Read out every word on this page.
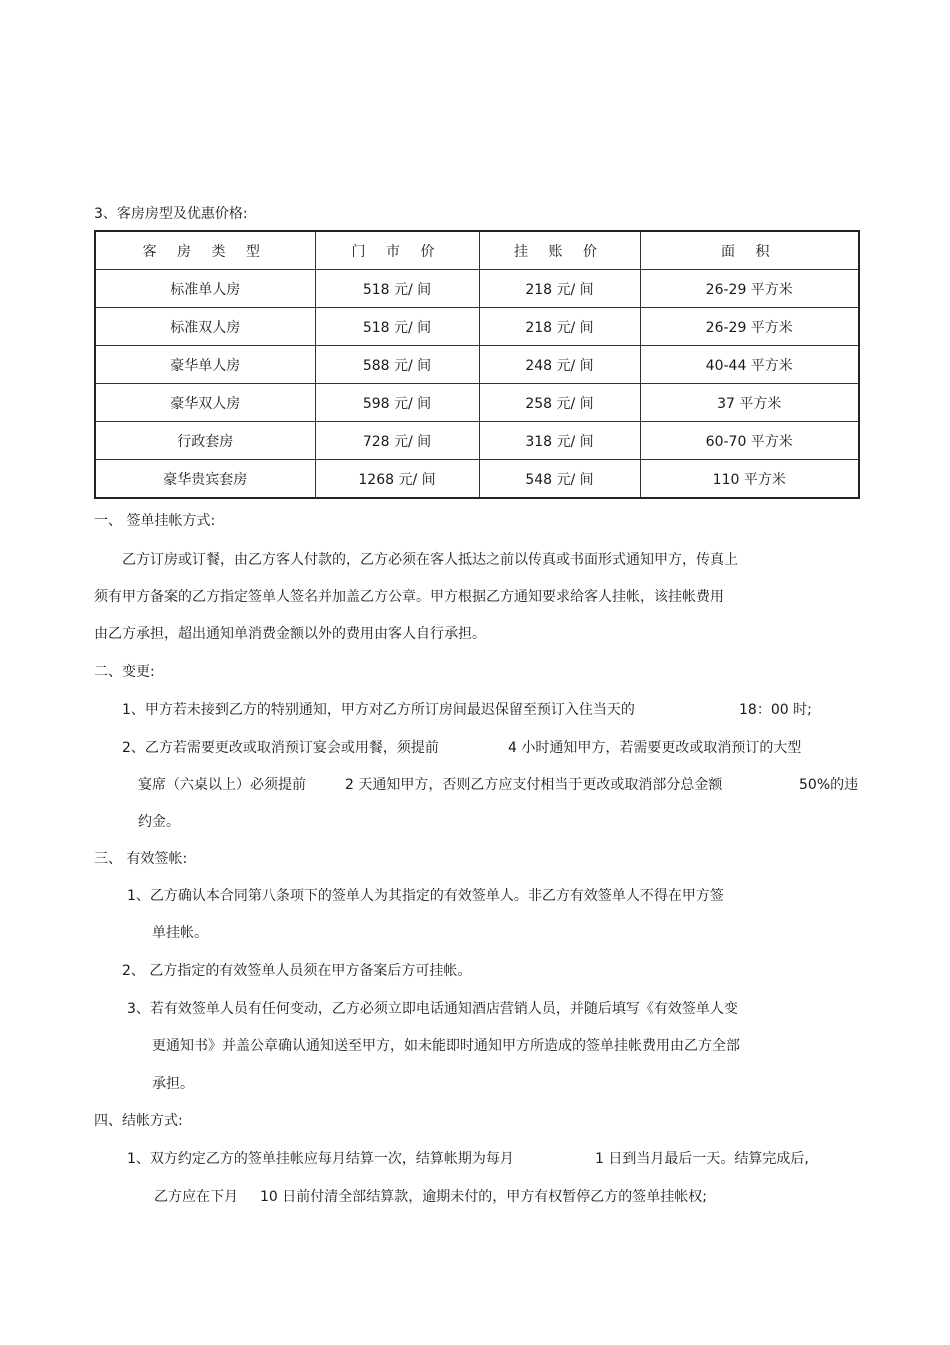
3、客房房型及优惠价格:
客 房 类 型	门 市 价	挂 账 价	面 积
标准单人房	518 元/ 间	218 元/ 间	26-29 平方米
标准双人房	518 元/ 间	218 元/ 间	26-29 平方米
豪华单人房	588 元/ 间	248 元/ 间	40-44 平方米
豪华双人房	598 元/ 间	258 元/ 间	37 平方米
行政套房	728 元/ 间	318 元/ 间	60-70 平方米
豪华贵宾套房	1268 元/ 间	548 元/ 间	110 平方米
一、 签单挂帐方式:
乙方订房或订餐，由乙方客人付款的，乙方必须在客人抵达之前以传真或书面形式通知甲方，传真上
须有甲方备案的乙方指定签单人签名并加盖乙方公章。甲方根据乙方通知要求给客人挂帐，该挂帐费用
由乙方承担，超出通知单消费金额以外的费用由客人自行承担。
二、变更:
1、甲方若未接到乙方的特别通知，甲方对乙方所订房间最迟保留至预订入住当天的	18：00 时;
2、乙方若需要更改或取消预订宴会或用餐，须提前	4 小时通知甲方，若需要更改或取消预订的大型
宴席（六桌以上）必须提前	2 天通知甲方，否则乙方应支付相当于更改或取消部分总金额	50%的违
约金。
三、 有效签帐:
1、乙方确认本合同第八条项下的签单人为其指定的有效签单人。非乙方有效签单人不得在甲方签
单挂帐。
2、 乙方指定的有效签单人员须在甲方备案后方可挂帐。
3、若有效签单人员有任何变动，乙方必须立即电话通知酒店营销人员，并随后填写《有效签单人变
更通知书》并盖公章确认通知送至甲方，如未能即时通知甲方所造成的签单挂帐费用由乙方全部
承担。
四、结帐方式:
1、双方约定乙方的签单挂帐应每月结算一次，结算帐期为每月	1 日到当月最后一天。结算完成后,
乙方应在下月 10 日前付清全部结算款，逾期未付的，甲方有权暂停乙方的签单挂帐权;
